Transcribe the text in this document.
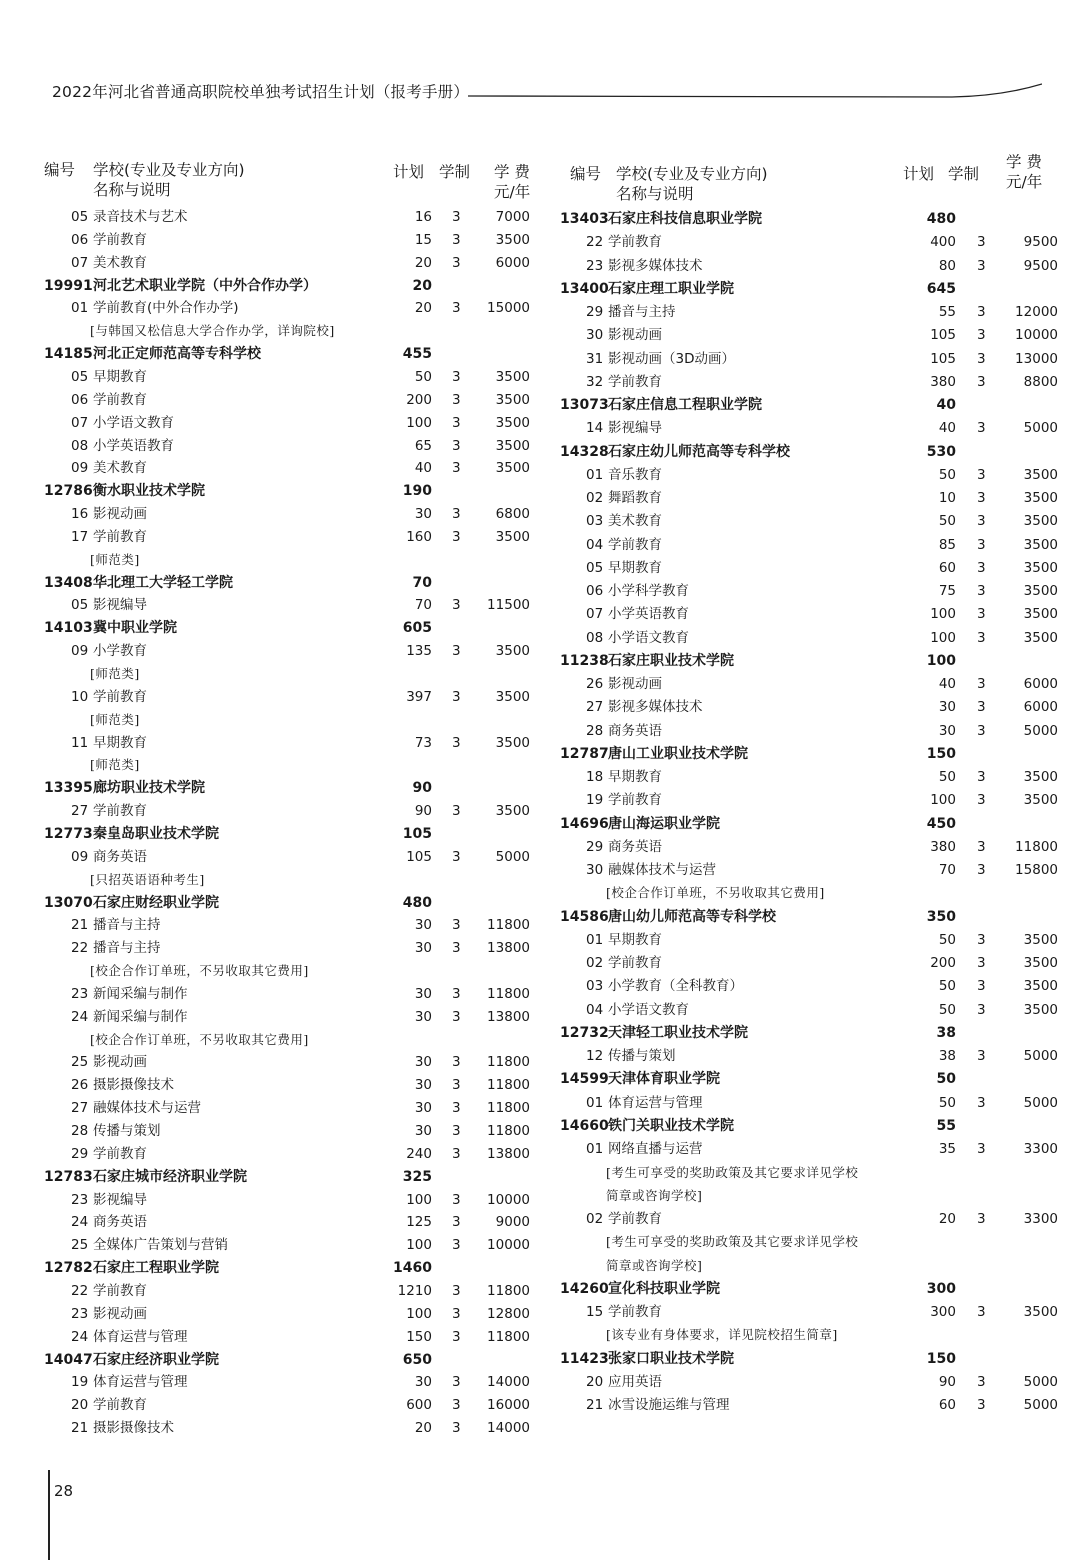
2022年河北省普通高职院校单独考试招生计划（报考手册）
编号 学校(专业及专业方向)
名称与说明
计划 学制 学 费
元/年
编号 学校(专业及专业方向)
名称与说明
计划 学制
学 费
元/年
05 录音技术与艺术	16 3	7000
06 学前教育	15 3	3500
07 美术教育	20 3	6000
19991 河北艺术职业学院（中外合作办学）	20
01 学前教育(中外合作办学)	20 3	15000
[与韩国又松信息大学合作办学，详询院校]
14185 河北正定师范高等专科学校	455
05 早期教育	50 3	3500
06 学前教育	200 3	3500
07 小学语文教育	100 3	3500
08 小学英语教育	65 3	3500
09 美术教育	40 3	3500
12786 衡水职业技术学院	190
16 影视动画	30 3	6800
17 学前教育	160 3	3500
[师范类]
13408 华北理工大学轻工学院	70
05 影视编导	70 3	11500
14103 冀中职业学院	605
09 小学教育	135 3	3500
[师范类]
10 学前教育	397 3	3500
[师范类]
11 早期教育	73 3	3500
[师范类]
13395 廊坊职业技术学院	90
27 学前教育	90 3	3500
12773 秦皇岛职业技术学院	105
09 商务英语	105 3	5000
[只招英语语种考生]
13070 石家庄财经职业学院	480
21 播音与主持	30 3	11800
22 播音与主持	30 3	13800
[校企合作订单班，不另收取其它费用]
23 新闻采编与制作	30 3	11800
24 新闻采编与制作	30 3	13800
[校企合作订单班，不另收取其它费用]
25 影视动画	30 3	11800
26 摄影摄像技术	30 3	11800
27 融媒体技术与运营	30 3	11800
28 传播与策划	30 3	11800
29 学前教育	240 3	13800
12783 石家庄城市经济职业学院	325
23 影视编导	100 3	10000
24 商务英语	125 3	9000
25 全媒体广告策划与营销	100 3	10000
12782 石家庄工程职业学院	1460
22 学前教育	1210 3	11800
23 影视动画	100 3	12800
24 体育运营与管理	150 3	11800
14047 石家庄经济职业学院	650
19 体育运营与管理	30 3	14000
20 学前教育	600 3	16000
21 摄影摄像技术	20 3	14000
13403 石家庄科技信息职业学院	480
22 学前教育	400 3	9500
23 影视多媒体技术	80 3	9500
13400 石家庄理工职业学院	645
29 播音与主持	55 3	12000
30 影视动画	105 3	10000
31 影视动画（3D动画）	105 3	13000
32 学前教育	380 3	8800
13073 石家庄信息工程职业学院	40
14 影视编导	40 3	5000
14328 石家庄幼儿师范高等专科学校	530
01 音乐教育	50 3	3500
02 舞蹈教育	10 3	3500
03 美术教育	50 3	3500
04 学前教育	85 3	3500
05 早期教育	60 3	3500
06 小学科学教育	75 3	3500
07 小学英语教育	100 3	3500
08 小学语文教育	100 3	3500
11238 石家庄职业技术学院	100
26 影视动画	40 3	6000
27 影视多媒体技术	30 3	6000
28 商务英语	30 3	5000
12787 唐山工业职业技术学院	150
18 早期教育	50 3	3500
19 学前教育	100 3	3500
14696 唐山海运职业学院	450
29 商务英语	380 3	11800
30 融媒体技术与运营	70 3	15800
[校企合作订单班，不另收取其它费用]
14586 唐山幼儿师范高等专科学校	350
01 早期教育	50 3	3500
02 学前教育	200 3	3500
03 小学教育（全科教育）	50 3	3500
04 小学语文教育	50 3	3500
12732 天津轻工职业技术学院	38
12 传播与策划	38 3	5000
14599 天津体育职业学院	50
01 体育运营与管理	50 3	5000
14660 铁门关职业技术学院	55
01 网络直播与运营	35 3	3300
[考生可享受的奖助政策及其它要求详见学校
简章或咨询学校]
02 学前教育	20 3	3300
[考生可享受的奖助政策及其它要求详见学校
简章或咨询学校]
14260 宣化科技职业学院	300
15 学前教育	300 3	3500
[该专业有身体要求，详见院校招生简章]
11423 张家口职业技术学院	150
20 应用英语	90 3	5000
21 冰雪设施运维与管理	60 3	5000
28
